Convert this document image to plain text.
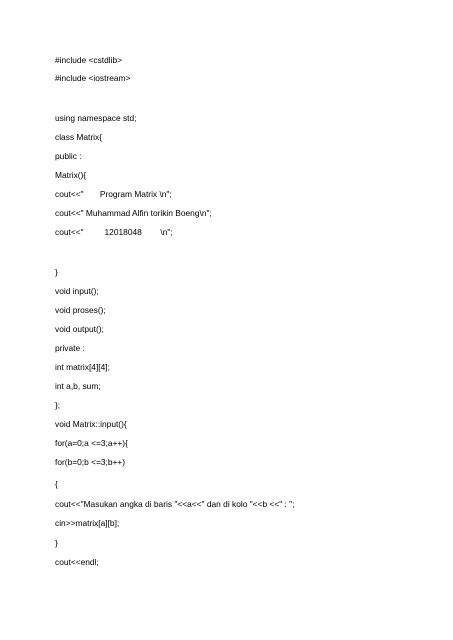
#include <cstdlib>
#include <iostream>
using namespace std;
class Matrix{
public :
Matrix(){
cout<<"       Program Matrix \n";
cout<<" Muhammad Alfin torikin Boeng\n";
cout<<"         12018048        \n";
}
void input();
void proses();
void output();
private :
int matrix[4][4];
int a,b, sum;
};
void Matrix::input(){
for(a=0;a <=3;a++){
for(b=0;b <=3;b++)
{
cout<<"Masukan angka di baris "<<a<<" dan di kolo "<<b <<" : ";
cin>>matrix[a][b];
}
cout<<endl;
